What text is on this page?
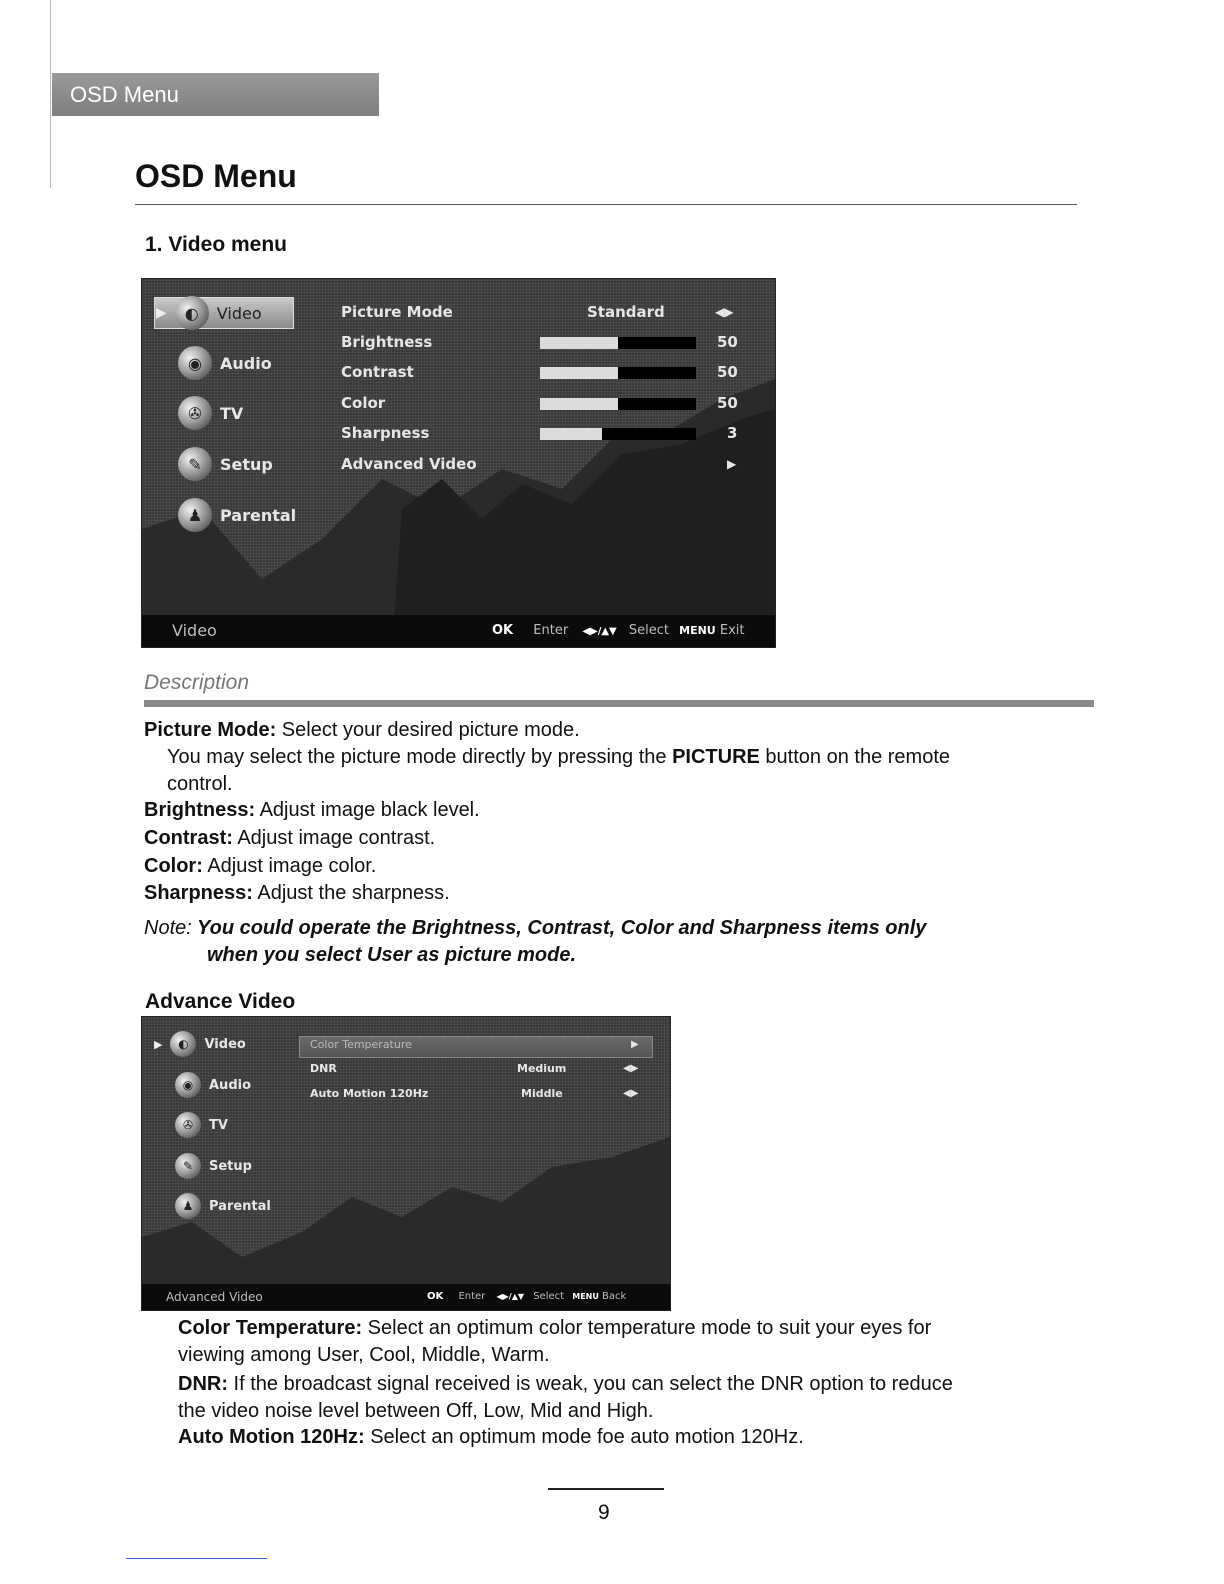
OSD Menu
OSD Menu
1. Video menu
▶	◐	Video
◉	Audio
✇	TV
✎	Setup
♟	Parental
Picture Mode	Standard	◀▶
Brightness	50
Contrast	50
Color	50
Sharpness	3
Advanced Video	▶
Video	OK Enter ◀▶/▲▼ Select MENU Exit
Description
Picture Mode: Select your desired picture mode.
You may select the picture mode directly by pressing the PICTURE button on the remote
control.
Brightness: Adjust image black level.
Contrast: Adjust image contrast.
Color: Adjust image color.
Sharpness: Adjust the sharpness.
Note: You could operate the Brightness, Contrast, Color and Sharpness items only
when you select User as picture mode.
Advance Video
▶	◐	Video
◉	Audio
✇	TV
✎	Setup
♟	Parental
Color Temperature	▶
DNR	Medium	◀▶
Auto Motion 120Hz	Middle	◀▶
Advanced Video	OK Enter ◀▶/▲▼ Select MENU Back
Color Temperature: Select an optimum color temperature mode to suit your eyes for
viewing among User, Cool, Middle, Warm.
DNR: If the broadcast signal received is weak, you can select the DNR option to reduce
the video noise level between Off, Low, Mid and High.
Auto Motion 120Hz: Select an optimum mode foe auto motion 120Hz.
9
